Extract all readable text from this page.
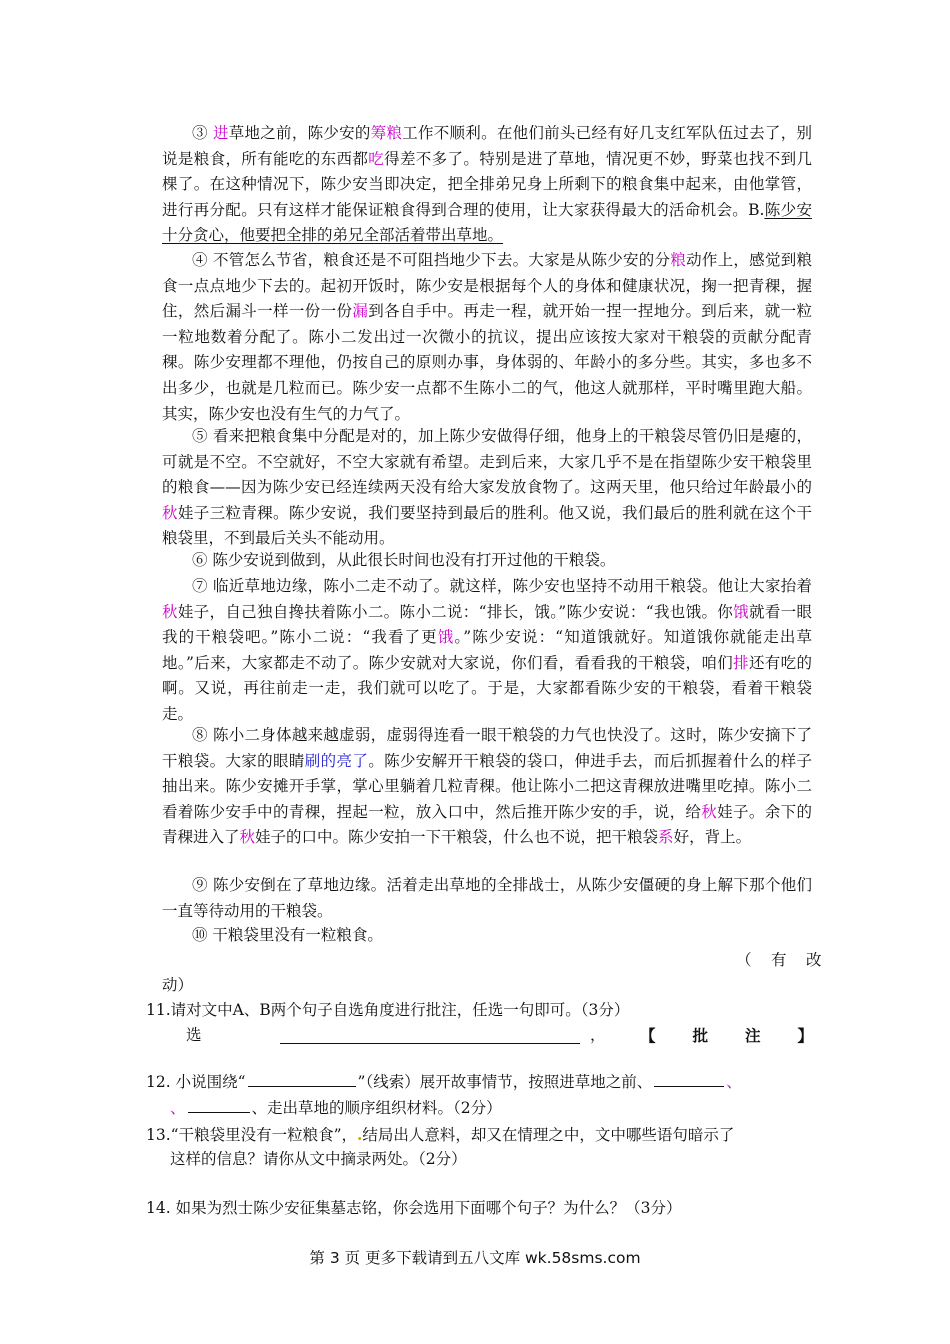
③ 进草地之前，陈少安的筹粮工作不顺利。在他们前头已经有好几支红军队伍过去了，别说是粮食，所有能吃的东西都吃得差不多了。特别是进了草地，情况更不妙，野菜也找不到几棵了。在这种情况下，陈少安当即决定，把全排弟兄身上所剩下的粮食集中起来，由他掌管，进行再分配。只有这样才能保证粮食得到合理的使用，让大家获得最大的活命机会。B.陈少安十分贪心，他要把全排的弟兄全部活着带出草地。

④ 不管怎么节省，粮食还是不可阻挡地少下去。大家是从陈少安的分粮动作上，感觉到粮食一点点地少下去的。起初开饭时，陈少安是根据每个人的身体和健康状况，掬一把青稞，握住，然后漏斗一样一份一份漏到各自手中。再走一程，就开始一捏一捏地分。到后来，就一粒一粒地数着分配了。陈小二发出过一次微小的抗议，提出应该按大家对干粮袋的贡献分配青稞。陈少安理都不理他，仍按自己的原则办事，身体弱的、年龄小的多分些。其实，多也多不出多少，也就是几粒而已。陈少安一点都不生陈小二的气，他这人就那样，平时嘴里跑大船。其实，陈少安也没有生气的力气了。

⑤ 看来把粮食集中分配是对的，加上陈少安做得仔细，他身上的干粮袋尽管仍旧是瘪的，可就是不空。不空就好，不空大家就有希望。走到后来，大家几乎不是在指望陈少安干粮袋里的粮食——因为陈少安已经连续两天没有给大家发放食物了。这两天里，他只给过年龄最小的秋娃子三粒青稞。陈少安说，我们要坚持到最后的胜利。他又说，我们最后的胜利就在这个干粮袋里，不到最后关头不能动用。

⑥ 陈少安说到做到，从此很长时间也没有打开过他的干粮袋。

⑦ 临近草地边缘，陈小二走不动了。就这样，陈少安也坚持不动用干粮袋。他让大家抬着秋娃子，自己独自搀扶着陈小二。陈小二说：“排长，饿。”陈少安说：“我也饿。你饿就看一眼我的干粮袋吧。”陈小二说：“我看了更饿。”陈少安说：“知道饿就好。知道饿你就能走出草地。”后来，大家都走不动了。陈少安就对大家说，你们看，看看我的干粮袋，咱们排还有吃的啊。又说，再往前走一走，我们就可以吃了。于是，大家都看陈少安的干粮袋，看着干粮袋走。

⑧ 陈小二身体越来越虚弱，虚弱得连看一眼干粮袋的力气也快没了。这时，陈少安摘下了干粮袋。大家的眼睛刷的亮了。陈少安解开干粮袋的袋口，伸进手去，而后抓握着什么的样子抽出来。陈少安摊开手掌，掌心里躺着几粒青稞。他让陈小二把这青稞放进嘴里吃掉。陈小二看着陈少安手中的青稞，捏起一粒，放入口中，然后推开陈少安的手，说，给秋娃子。余下的青稞进入了秋娃子的口中。陈少安拍一下干粮袋，什么也不说，把干粮袋系好，背上。

⑨ 陈少安倒在了草地边缘。活着走出草地的全排战士，从陈少安僵硬的身上解下那个他们一直等待动用的干粮袋。

⑩ 干粮袋里没有一粒粮食。

（　有　改

动）

11.请对文中A、B两个句子自选角度进行批注，任选一句即可。（3分）

选	， 【　　批　　注　　】
12. 小说围绕“	”（线索）展开故事情节，按照进草地之前、	、
、	、走出草地的顺序组织材料。（2分）
13.“干粮袋里没有一粒粮食”，.结局出人意料，却又在情理之中，文中哪些语句暗示了
这样的信息？请你从文中摘录两处。（2分）

14. 如果为烈士陈少安征集墓志铭，你会选用下面哪个句子？为什么？（3分）

第 3 页 更多下载请到五八文库 wk.58sms.com
